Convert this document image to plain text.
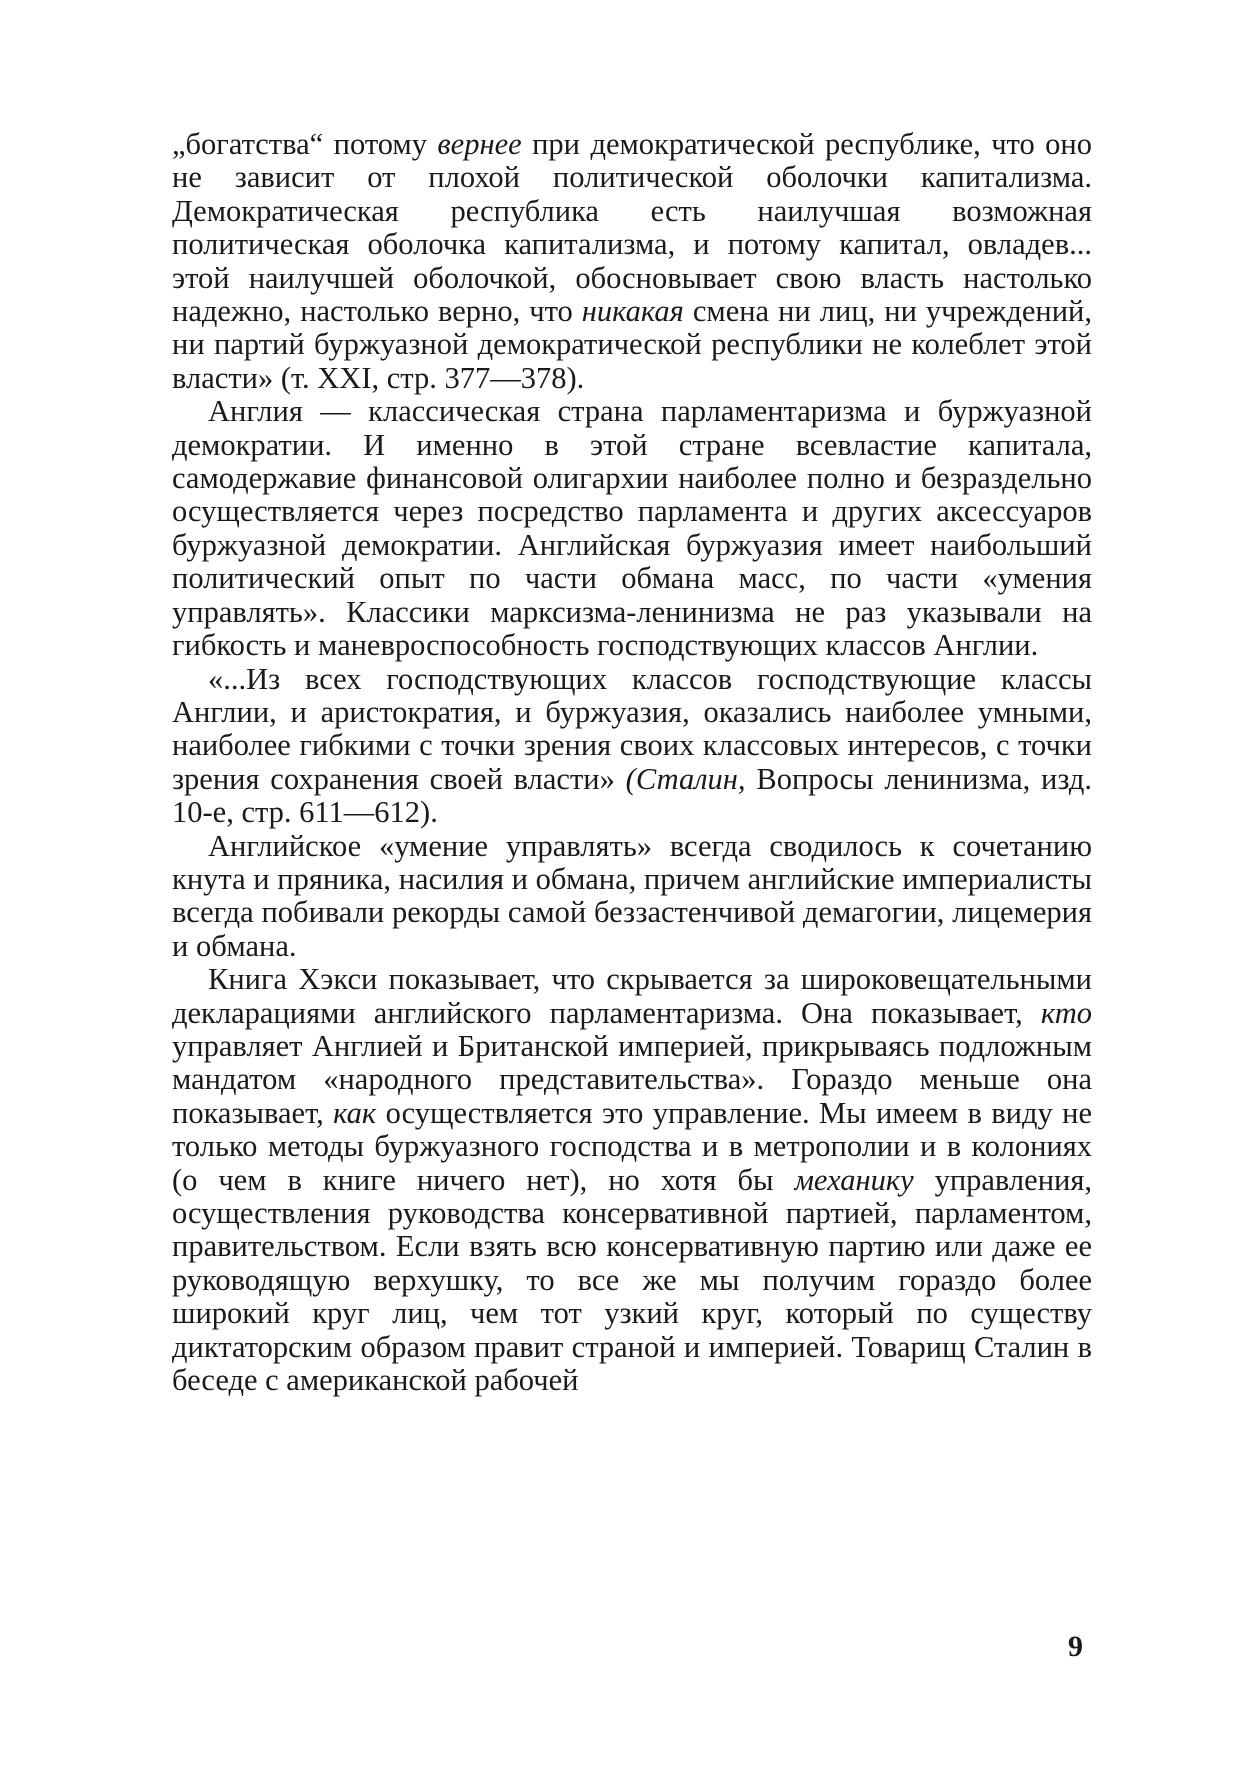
„богатства“ потому вернее при демократической республике, что оно не зависит от плохой политической оболочки капитализма. Демократическая республика есть наилучшая возможная политическая оболочка капитализма, и потому капитал, овладев... этой наилучшей оболочкой, обосновывает свою власть настолько надежно, настолько верно, что никакая смена ни лиц, ни учреждений, ни партий буржуазной демократической республики не колеблет этой власти» (т. XXI, стр. 377—378).

Англия — классическая страна парламентаризма и буржуазной демократии. И именно в этой стране всевластие капитала, самодержавие финансовой олигархии наиболее полно и безраздельно осуществляется через посредство парламента и других аксессуаров буржуазной демократии. Английская буржуазия имеет наибольший политический опыт по части обмана масс, по части «умения управлять». Классики марксизма-ленинизма не раз указывали на гибкость и маневроспособность господствующих классов Англии.

«...Из всех господствующих классов господствующие классы Англии, и аристократия, и буржуазия, оказались наиболее умными, наиболее гибкими с точки зрения своих классовых интересов, с точки зрения сохранения своей власти» (Сталин, Вопросы ленинизма, изд. 10-е, стр. 611—612).

Английское «умение управлять» всегда сводилось к сочетанию кнута и пряника, насилия и обмана, причем английские империалисты всегда побивали рекорды самой беззастенчивой демагогии, лицемерия и обмана.

Книга Хэкси показывает, что скрывается за широковещательными декларациями английского парламентаризма. Она показывает, кто управляет Англией и Британской империей, прикрываясь подложным мандатом «народного представительства». Гораздо меньше она показывает, как осуществляется это управление. Мы имеем в виду не только методы буржуазного господства и в метрополии и в колониях (о чем в книге ничего нет), но хотя бы механику управления, осуществления руководства консервативной партией, парламентом, правительством. Если взять всю консервативную партию или даже ее руководящую верхушку, то все же мы получим гораздо более широкий круг лиц, чем тот узкий круг, который по существу диктаторским образом правит страной и империей. Товарищ Сталин в беседе с американской рабочей

9
